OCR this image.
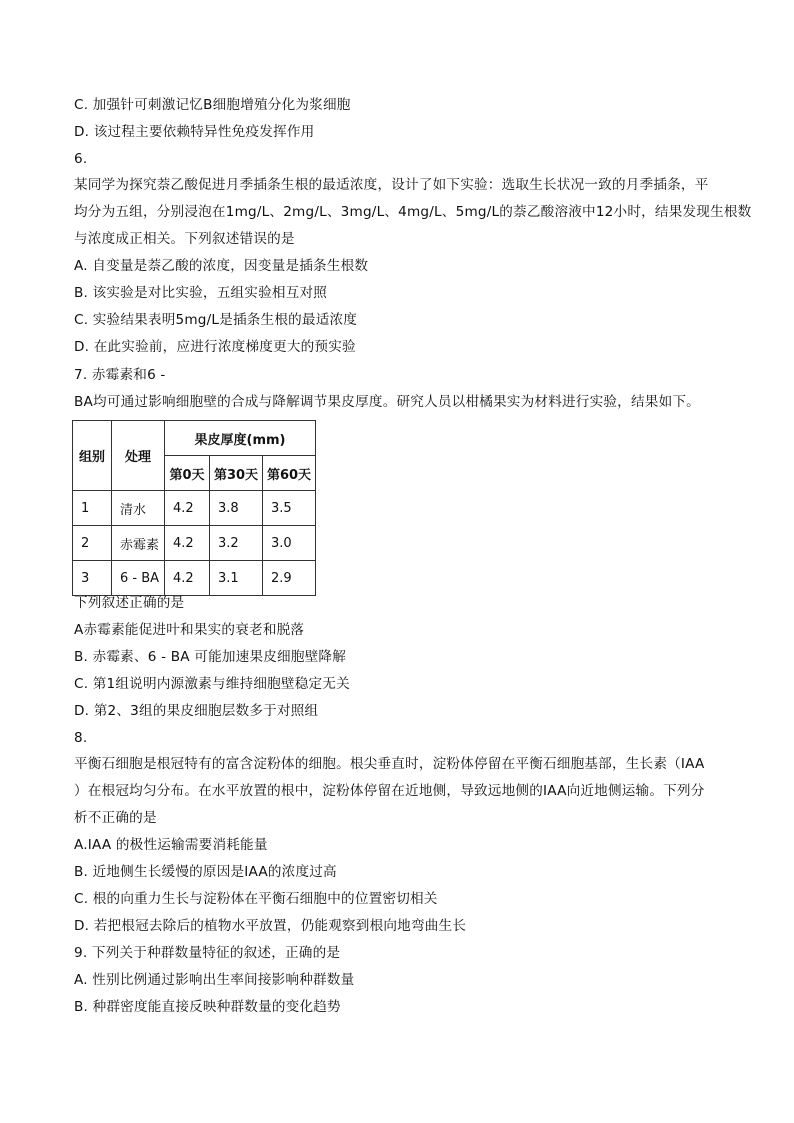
C. 加强针可刺激记忆B细胞增殖分化为浆细胞
D. 该过程主要依赖特异性免疫发挥作用
6.
某同学为探究萘乙酸促进月季插条生根的最适浓度，设计了如下实验：选取生长状况一致的月季插条，平
均分为五组，分别浸泡在1mg/L、2mg/L、3mg/L、4mg/L、5mg/L的萘乙酸溶液中12小时，结果发现生根数
与浓度成正相关。下列叙述错误的是
A. 自变量是萘乙酸的浓度，因变量是插条生根数
B. 该实验是对比实验，五组实验相互对照
C. 实验结果表明5mg/L是插条生根的最适浓度
D. 在此实验前，应进行浓度梯度更大的预实验
7. 赤霉素和6 -
BA均可通过影响细胞壁的合成与降解调节果皮厚度。研究人员以柑橘果实为材料进行实验，结果如下。
组别	处理	果皮厚度(mm)		
		第0天	第30天	第60天
1	清水	4.2	3.8	3.5
2	赤霉素	4.2	3.2	3.0
3	6 - BA	4.2	3.1	2.9
下列叙述正确的是
A赤霉素能促进叶和果实的衰老和脱落
B. 赤霉素、6 - BA 可能加速果皮细胞壁降解
C. 第1组说明内源激素与维持细胞壁稳定无关
D. 第2、3组的果皮细胞层数多于对照组
8.
平衡石细胞是根冠特有的富含淀粉体的细胞。根尖垂直时，淀粉体停留在平衡石细胞基部，生长素（IAA
）在根冠均匀分布。在水平放置的根中，淀粉体停留在近地侧，导致远地侧的IAA向近地侧运输。下列分
析不正确的是
A.IAA 的极性运输需要消耗能量
B. 近地侧生长缓慢的原因是IAA的浓度过高
C. 根的向重力生长与淀粉体在平衡石细胞中的位置密切相关
D. 若把根冠去除后的植物水平放置，仍能观察到根向地弯曲生长
9. 下列关于种群数量特征的叙述，正确的是
A. 性别比例通过影响出生率间接影响种群数量
B. 种群密度能直接反映种群数量的变化趋势
